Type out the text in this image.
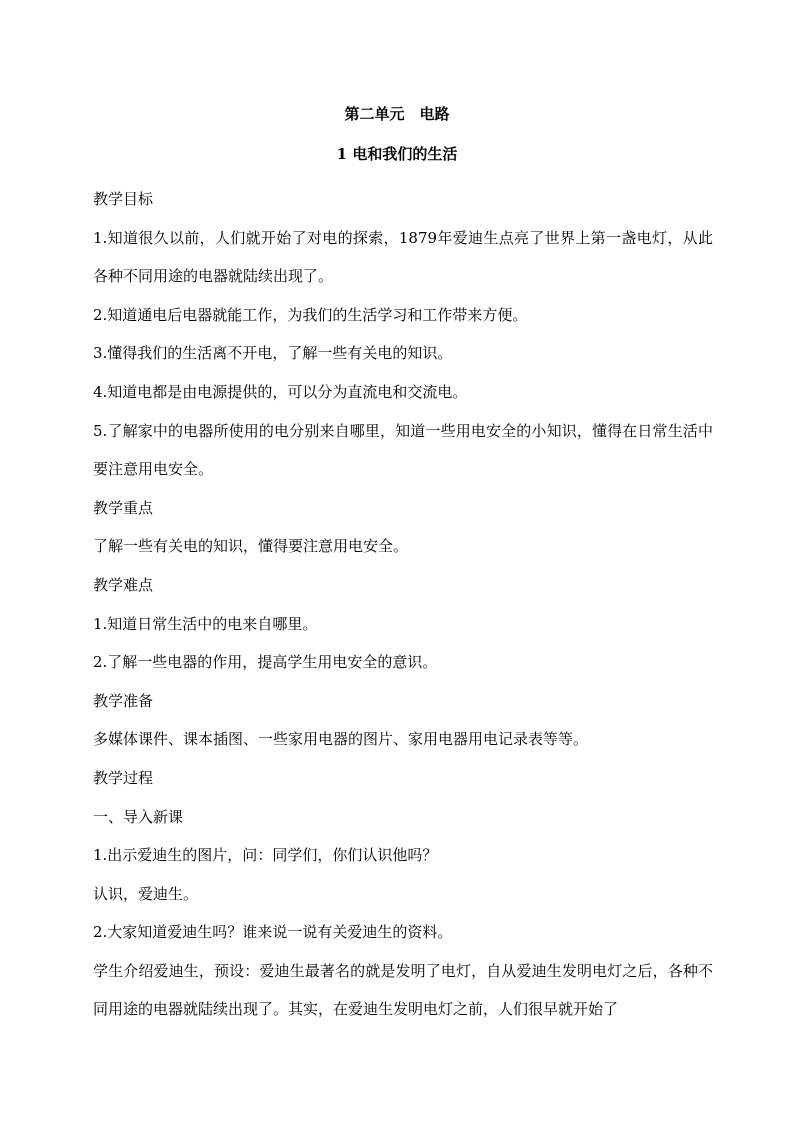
第二单元　电路
1 电和我们的生活

教学目标

1.知道很久以前，人们就开始了对电的探索，1879年爱迪生点亮了世界上第一盏电灯，从此各种不同用途的电器就陆续出现了。

2.知道通电后电器就能工作，为我们的生活学习和工作带来方便。

3.懂得我们的生活离不开电，了解一些有关电的知识。

4.知道电都是由电源提供的，可以分为直流电和交流电。

5.了解家中的电器所使用的电分别来自哪里，知道一些用电安全的小知识，懂得在日常生活中要注意用电安全。

教学重点

了解一些有关电的知识，懂得要注意用电安全。

教学难点

1.知道日常生活中的电来自哪里。

2.了解一些电器的作用，提高学生用电安全的意识。

教学准备

多媒体课件、课本插图、一些家用电器的图片、家用电器用电记录表等等。

教学过程

一、导入新课

1.出示爱迪生的图片，问：同学们，你们认识他吗？

认识，爱迪生。

2.大家知道爱迪生吗？谁来说一说有关爱迪生的资料。

学生介绍爱迪生，预设：爱迪生最著名的就是发明了电灯，自从爱迪生发明电灯之后，各种不同用途的电器就陆续出现了。其实，在爱迪生发明电灯之前，人们很早就开始了
